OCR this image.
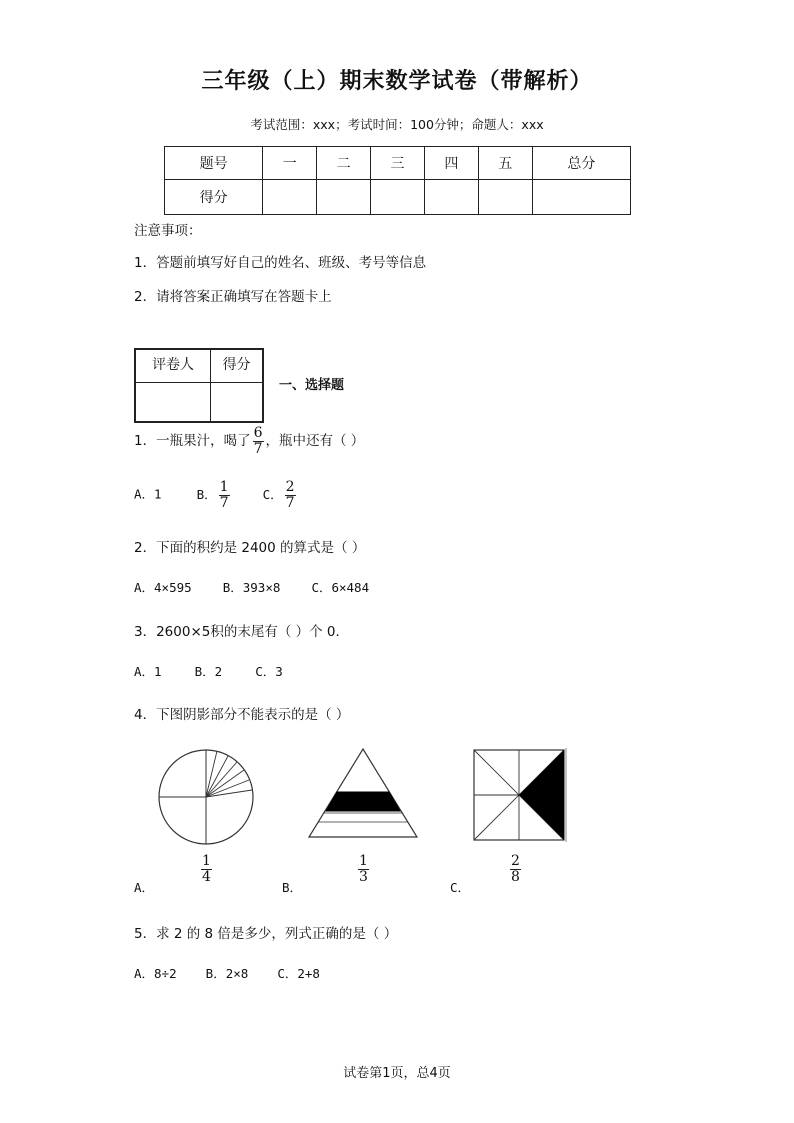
三年级（上）期末数学试卷（带解析）
考试范围：xxx；考试时间：100分钟；命题人：xxx
题号	一	二	三	四	五	总分
得分						
注意事项：
1．答题前填写好自己的姓名、班级、考号等信息
2．请将答案正确填写在答题卡上
评卷人	得分

一、选择题
1．一瓶果汁，喝了 $\frac{6}{7}$ ，瓶中还有（ ）
A．1	B． $\frac{1}{7}$	C． $\frac{2}{7}$
2．下面的积约是 2400 的算式是（ ）
A．4×595 B．393×8 C．6×484
3．2600×5积的末尾有（ ）个 0．
A．1	B．2	C．3
4．下图阴影部分不能表示的是（ ）
A．
$\frac{1}{4}$
B．
$\frac{1}{3}$
C．
$\frac{2}{8}$
5．求 2 的 8 倍是多少，列式正确的是（ ）
A．8÷2 B．2×8 C．2+8
试卷第1页，总4页
